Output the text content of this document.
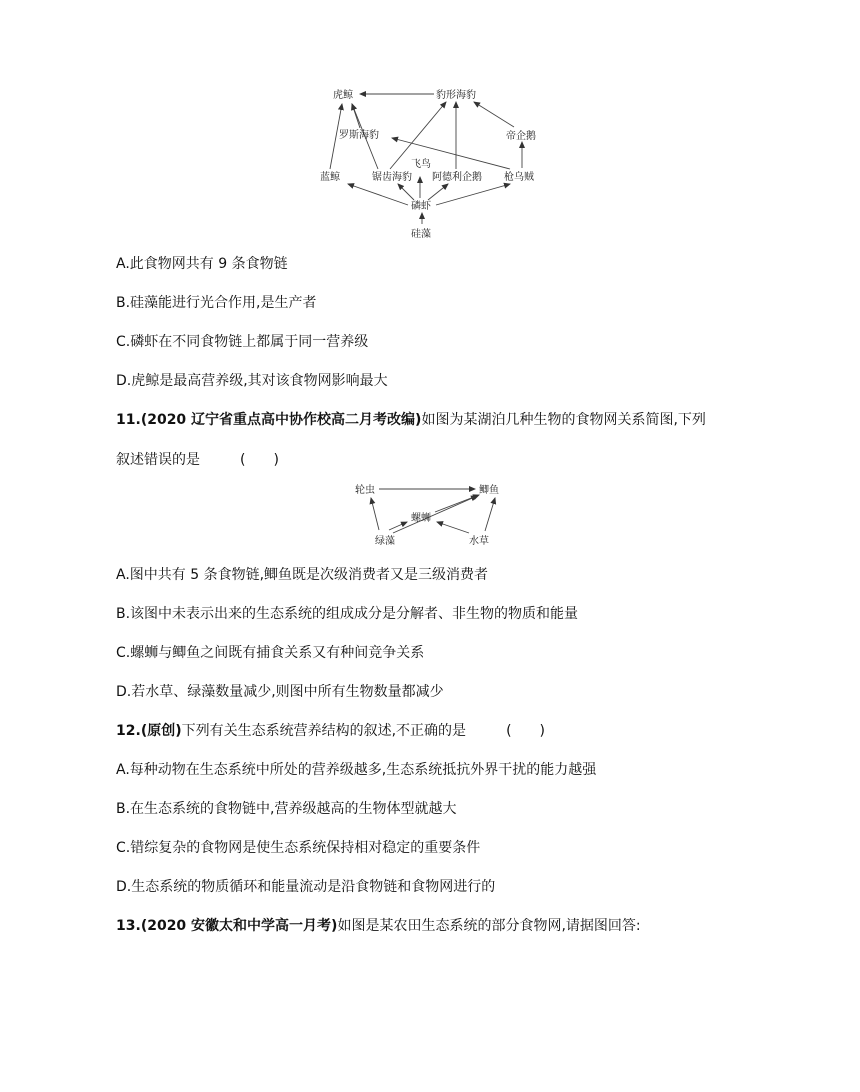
虎鲸	豹形海豹
罗斯海豹	帝企鹅
飞鸟
蓝鲸	锯齿海豹 阿德利企鹅 枪乌贼
磷虾
硅藻
A.此食物网共有 9 条食物链
B.硅藻能进行光合作用,是生产者
C.磷虾在不同食物链上都属于同一营养级
D.虎鲸是最高营养级,其对该食物网影响最大
11.(2020 辽宁省重点高中协作校高二月考改编)如图为某湖泊几种生物的食物网关系简图,下列
叙述错误的是	(　　)
轮虫	鲫鱼
螺蛳
绿藻	水草
A.图中共有 5 条食物链,鲫鱼既是次级消费者又是三级消费者
B.该图中未表示出来的生态系统的组成成分是分解者、非生物的物质和能量
C.螺蛳与鲫鱼之间既有捕食关系又有种间竞争关系
D.若水草、绿藻数量减少,则图中所有生物数量都减少
12.(原创)下列有关生态系统营养结构的叙述,不正确的是	(　　)
A.每种动物在生态系统中所处的营养级越多,生态系统抵抗外界干扰的能力越强
B.在生态系统的食物链中,营养级越高的生物体型就越大
C.错综复杂的食物网是使生态系统保持相对稳定的重要条件
D.生态系统的物质循环和能量流动是沿食物链和食物网进行的
13.(2020 安徽太和中学高一月考)如图是某农田生态系统的部分食物网,请据图回答:
